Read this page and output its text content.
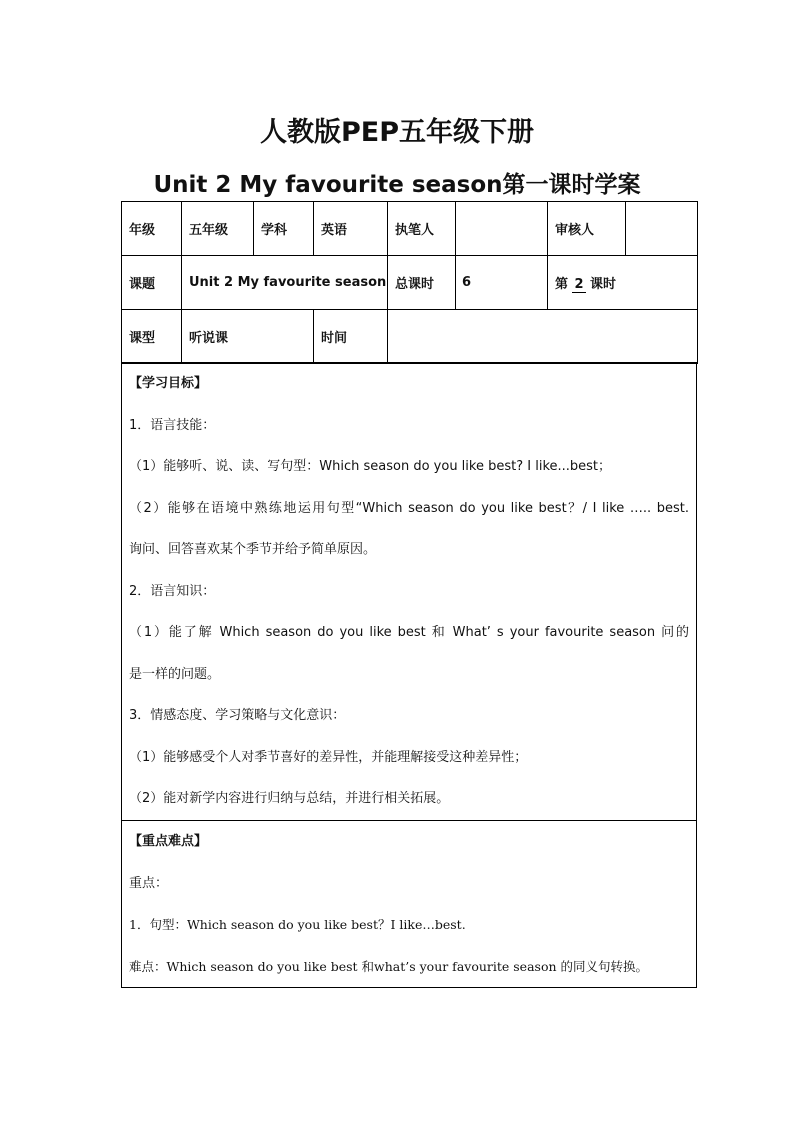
人教版PEP五年级下册
Unit 2 My favourite season第一课时学案
年级	五年级	学科	英语	执笔人		审核人	
课题	Unit 2 My favourite season			总课时	6	第 2 课时	
课型	听说课		时间				
【学习目标】
1．语言技能：
（1）能够听、说、读、写句型：Which season do you like best? I like...best；
（2）能够在语境中熟练地运用句型“Which season do you like best？/ I like ….. best.
询问、回答喜欢某个季节并给予简单原因。
2．语言知识：
（1）能了解 Which season do you like best 和 What’ s your favourite season 问的
是一样的问题。
3．情感态度、学习策略与文化意识：
（1）能够感受个人对季节喜好的差异性，并能理解接受这种差异性；
（2）能对新学内容进行归纳与总结，并进行相关拓展。
【重点难点】
重点：
1．句型：Which season do you like best？I like…best.
难点：Which season do you like best 和what’s your favourite season 的同义句转换。
